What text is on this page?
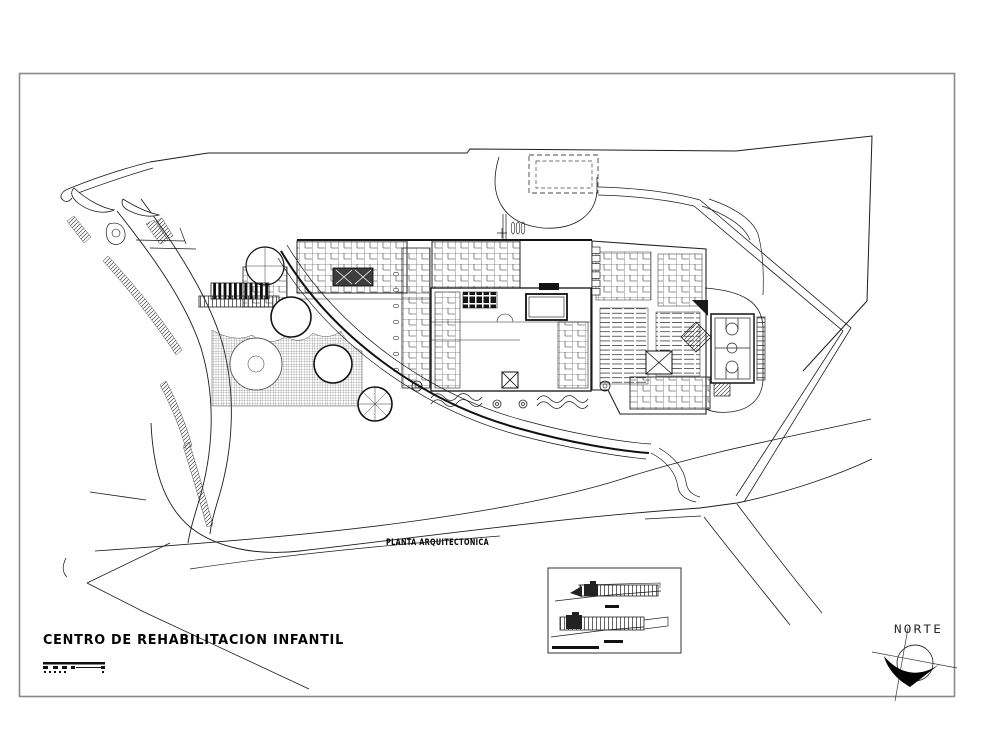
PLANTA ARQUITECTONICA
CENTRO DE REHABILITACION INFANTIL
NORTE
